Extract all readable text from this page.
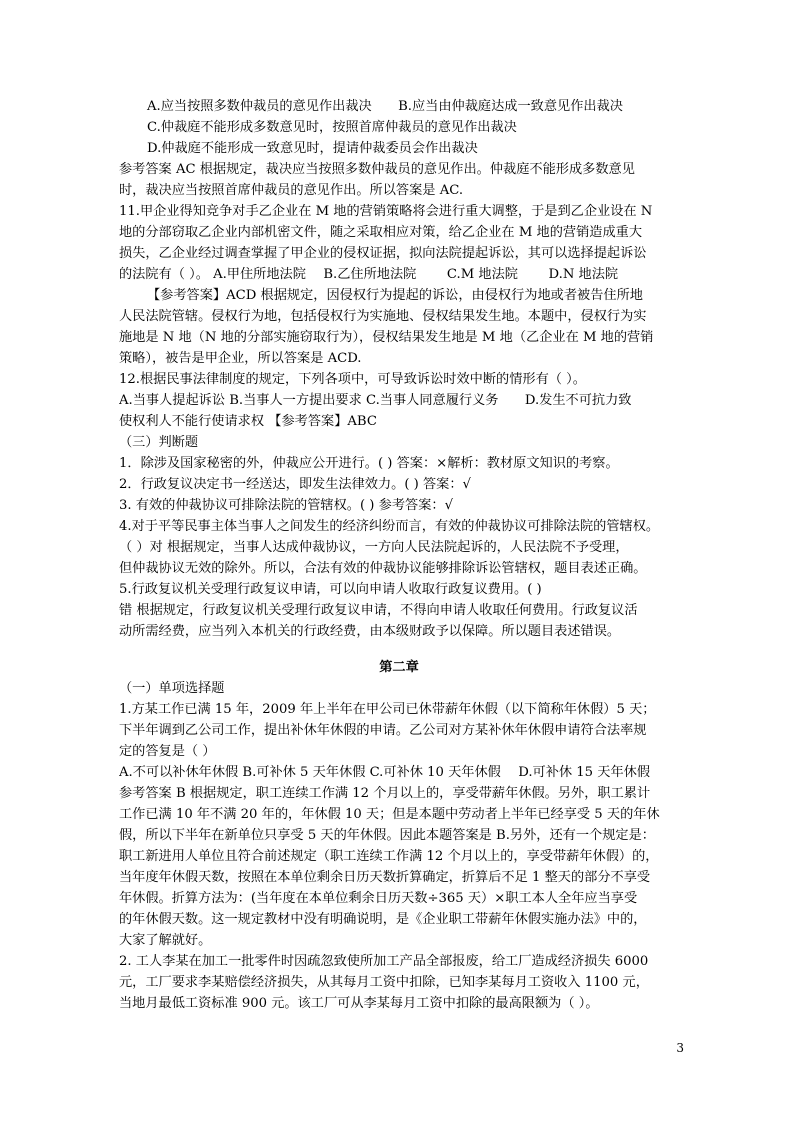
A.应当按照多数仲裁员的意见作出裁决　　B.应当由仲裁庭达成一致意见作出裁决
C.仲裁庭不能形成多数意见时，按照首席仲裁员的意见作出裁决
D.仲裁庭不能形成一致意见时，提请仲裁委员会作出裁决
参考答案 AC 根据规定，裁决应当按照多数仲裁员的意见作出。仲裁庭不能形成多数意见
时，裁决应当按照首席仲裁员的意见作出。所以答案是 AC.
11.甲企业得知竞争对手乙企业在 M 地的营销策略将会进行重大调整，于是到乙企业设在 N
地的分部窃取乙企业内部机密文件，随之采取相应对策，给乙企业在 M 地的营销造成重大
损失，乙企业经过调查掌握了甲企业的侵权证据，拟向法院提起诉讼，其可以选择提起诉讼
的法院有（ ）。 A.甲住所地法院　 B.乙住所地法院　　 C.M 地法院　　 D.N 地法院
【参考答案】ACD 根据规定，因侵权行为提起的诉讼，由侵权行为地或者被告住所地
人民法院管辖。侵权行为地，包括侵权行为实施地、侵权结果发生地。本题中，侵权行为实
施地是 N 地（N 地的分部实施窃取行为），侵权结果发生地是 M 地（乙企业在 M 地的营销
策略），被告是甲企业，所以答案是 ACD.
12.根据民事法律制度的规定，下列各项中，可导致诉讼时效中断的情形有（ ）。
A.当事人提起诉讼 B.当事人一方提出要求 C.当事人同意履行义务　　D.发生不可抗力致
使权利人不能行使请求权 【参考答案】ABC
（三）判断题
1．除涉及国家秘密的外，仲裁应公开进行。( ) 答案：×解析：教材原文知识的考察。
2．行政复议决定书一经送达，即发生法律效力。( ) 答案：√
3. 有效的仲裁协议可排除法院的管辖权。( ) 参考答案：√
4.对于平等民事主体当事人之间发生的经济纠纷而言，有效的仲裁协议可排除法院的管辖权。
（ ）对 根据规定，当事人达成仲裁协议，一方向人民法院起诉的，人民法院不予受理，
但仲裁协议无效的除外。所以，合法有效的仲裁协议能够排除诉讼管辖权，题目表述正确。
5.行政复议机关受理行政复议申请，可以向申请人收取行政复议费用。( )
错 根据规定，行政复议机关受理行政复议申请，不得向申请人收取任何费用。行政复议活
动所需经费，应当列入本机关的行政经费，由本级财政予以保障。所以题目表述错误。
第二章
（一）单项选择题
1.方某工作已满 15 年，2009 年上半年在甲公司已休带薪年休假（以下简称年休假）5 天；
下半年调到乙公司工作，提出补休年休假的申请。乙公司对方某补休年休假申请符合法率规
定的答复是（ ）
A.不可以补休年休假 B.可补休 5 天年休假 C.可补休 10 天年休假　 D.可补休 15 天年休假
参考答案 B 根据规定，职工连续工作满 12 个月以上的，享受带薪年休假。另外，职工累计
工作已满 10 年不满 20 年的，年休假 10 天；但是本题中劳动者上半年已经享受 5 天的年休
假，所以下半年在新单位只享受 5 天的年休假。因此本题答案是 B.另外，还有一个规定是：
职工新进用人单位且符合前述规定（职工连续工作满 12 个月以上的，享受带薪年休假）的，
当年度年休假天数，按照在本单位剩余日历天数折算确定，折算后不足 1 整天的部分不享受
年休假。折算方法为：(当年度在本单位剩余日历天数÷365 天）×职工本人全年应当享受
的年休假天数。这一规定教材中没有明确说明，是《企业职工带薪年休假实施办法》中的，
大家了解就好。
2. 工人李某在加工一批零件时因疏忽致使所加工产品全部报废，给工厂造成经济损失 6000
元，工厂要求李某赔偿经济损失，从其每月工资中扣除，已知李某每月工资收入 1100 元，
当地月最低工资标准 900 元。该工厂可从李某每月工资中扣除的最高限额为（ ）。
3
